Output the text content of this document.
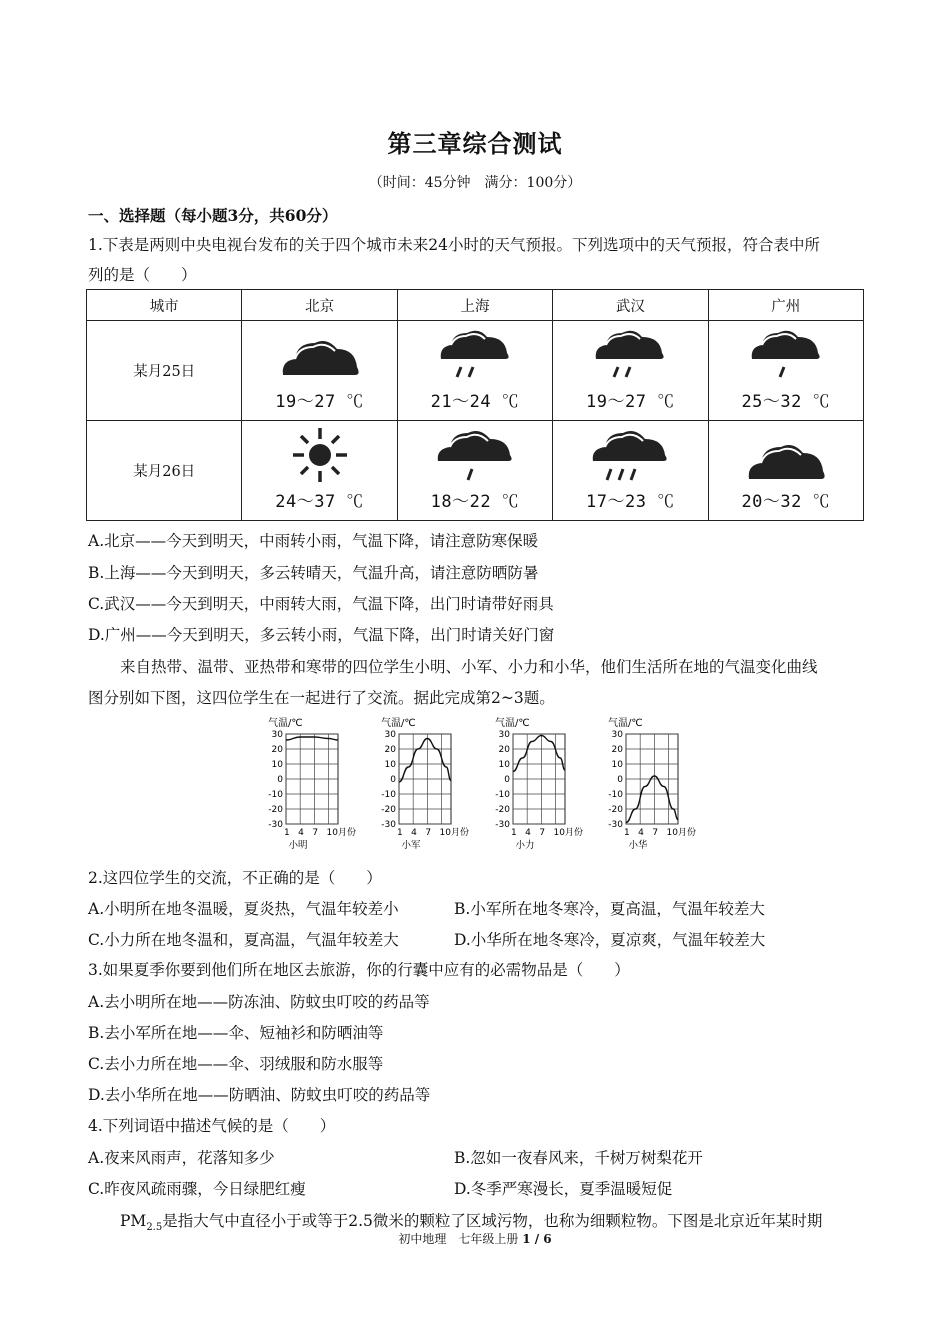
第三章综合测试
（时间：45分钟　满分：100分）
一、选择题（每小题3分，共60分）
1.下表是两则中央电视台发布的关于四个城市未来24小时的天气预报。下列选项中的天气预报，符合表中所
列的是（　　）
城市	北京	上海	武汉	广州
某月25日	19～27 ℃	21～24 ℃	19～27 ℃	25～32 ℃

某月26日	24～37 ℃	18～22 ℃	17～23 ℃	20～32 ℃
A.北京——今天到明天，中雨转小雨，气温下降，请注意防寒保暖
B.上海——今天到明天，多云转晴天，气温升高，请注意防晒防暑
C.武汉——今天到明天，中雨转大雨，气温下降，出门时请带好雨具
D.广州——今天到明天，多云转小雨，气温下降，出门时请关好门窗
来自热带、温带、亚热带和寒带的四位学生小明、小军、小力和小华，他们生活所在地的气温变化曲线
图分别如下图，这四位学生在一起进行了交流。据此完成第2~3题。
气温/℃
30
20
10
0
-10
-20
-30
1 4 7 10月份
小明
气温/℃
30
20
10
0
-10
-20
-30
1 4 7 10月份
小军
气温/℃
30
20
10
0
-10
-20
-30
1 4 7 10月份
小力
气温/℃
30
20
10
0
-10
-20
-30
1 4 7 10月份
小华
2.这四位学生的交流，不正确的是（　　）
A.小明所在地冬温暖，夏炎热，气温年较差小	B.小军所在地冬寒冷，夏高温，气温年较差大
C.小力所在地冬温和，夏高温，气温年较差大	D.小华所在地冬寒冷，夏凉爽，气温年较差大
3.如果夏季你要到他们所在地区去旅游，你的行囊中应有的必需物品是（　　）
A.去小明所在地——防冻油、防蚊虫叮咬的药品等
B.去小军所在地——伞、短袖衫和防晒油等
C.去小力所在地——伞、羽绒服和防水服等
D.去小华所在地——防晒油、防蚊虫叮咬的药品等
4.下列词语中描述气候的是（　　）
A.夜来风雨声，花落知多少	B.忽如一夜春风来，千树万树梨花开
C.昨夜风疏雨骤，今日绿肥红瘦	D.冬季严寒漫长，夏季温暖短促
$PM_{2.5}$是指大气中直径小于或等于2.5微米的颗粒了区域污物，也称为细颗粒物。下图是北京近年某时期
初中地理　七年级上册 1 / 6
